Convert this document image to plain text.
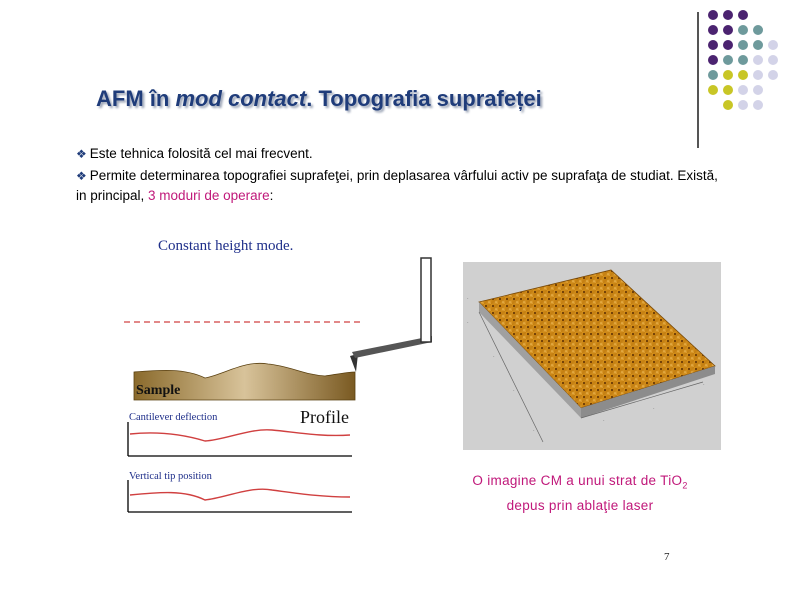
AFM în mod contact. Topografia suprafeței

❖ Este tehnica folosită cel mai frecvent.

❖ Permite determinarea topografiei suprafeţei, prin deplasarea vârfului activ pe suprafaţa de studiat. Există, in principal, 3 moduri de operare:

Constant height mode.
Sample
Profile
Cantilever deflection
Vertical tip position
·
·
·
·
·
·
·
·
O imagine CM a unui strat de TiO$_2$
depus prin ablaţie laser
7
